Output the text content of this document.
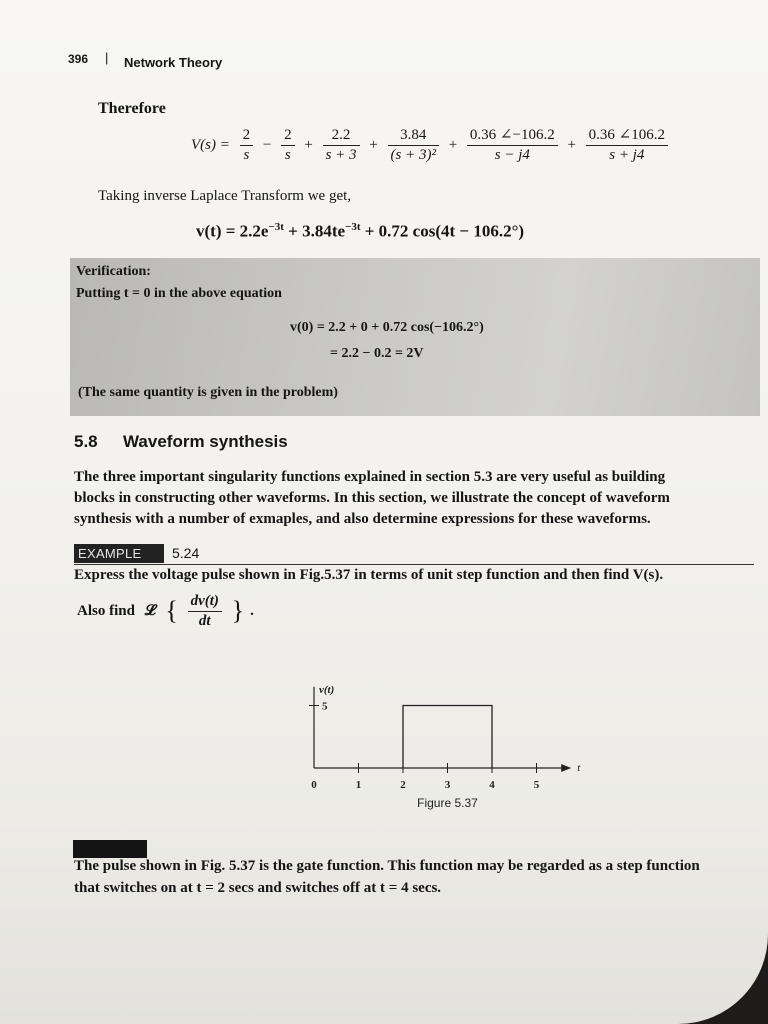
396 | Network Theory
Therefore
$V(s) = \frac{2}{s} - \frac{2}{s} + \frac{2.2}{s + 3} + \frac{3.84}{\text{(s + 3)²}} + \frac{0.36 \angle-106.2}{s - j4} + \frac{0.36 \angle 106.2}{s + j4}$
Taking inverse Laplace Transform we get,
$v(t) = 2.2e^{-3t} + 3.84te^{-3t} + 0.72$ cos(4t − 106.2°)
Verification:
Putting t = 0 in the above equation
v(0) = 2.2 + 0 + 0.72 cos(−106.2°)
= 2.2 − 0.2 = 2V
(The same quantity is given in the problem)
5.8 Waveform synthesis
The three important singularity functions explained in section 5.3 are very useful as building
blocks in constructing other waveforms. In this section, we illustrate the concept of waveform
synthesis with a number of exmaples, and also determine expressions for these waveforms.
EXAMPLE	5.24
Express the voltage pulse shown in Fig.5.37 in terms of unit step function and then find V(s).
Also find 𝓛 { $\frac{dv(t)}{dt}$ } .
v(t)
t
0	1	2	3	4	5
5
Figure 5.37
The pulse shown in Fig. 5.37 is the gate function. This function may be regarded as a step function
that switches on at t = 2 secs and switches off at t = 4 secs.
